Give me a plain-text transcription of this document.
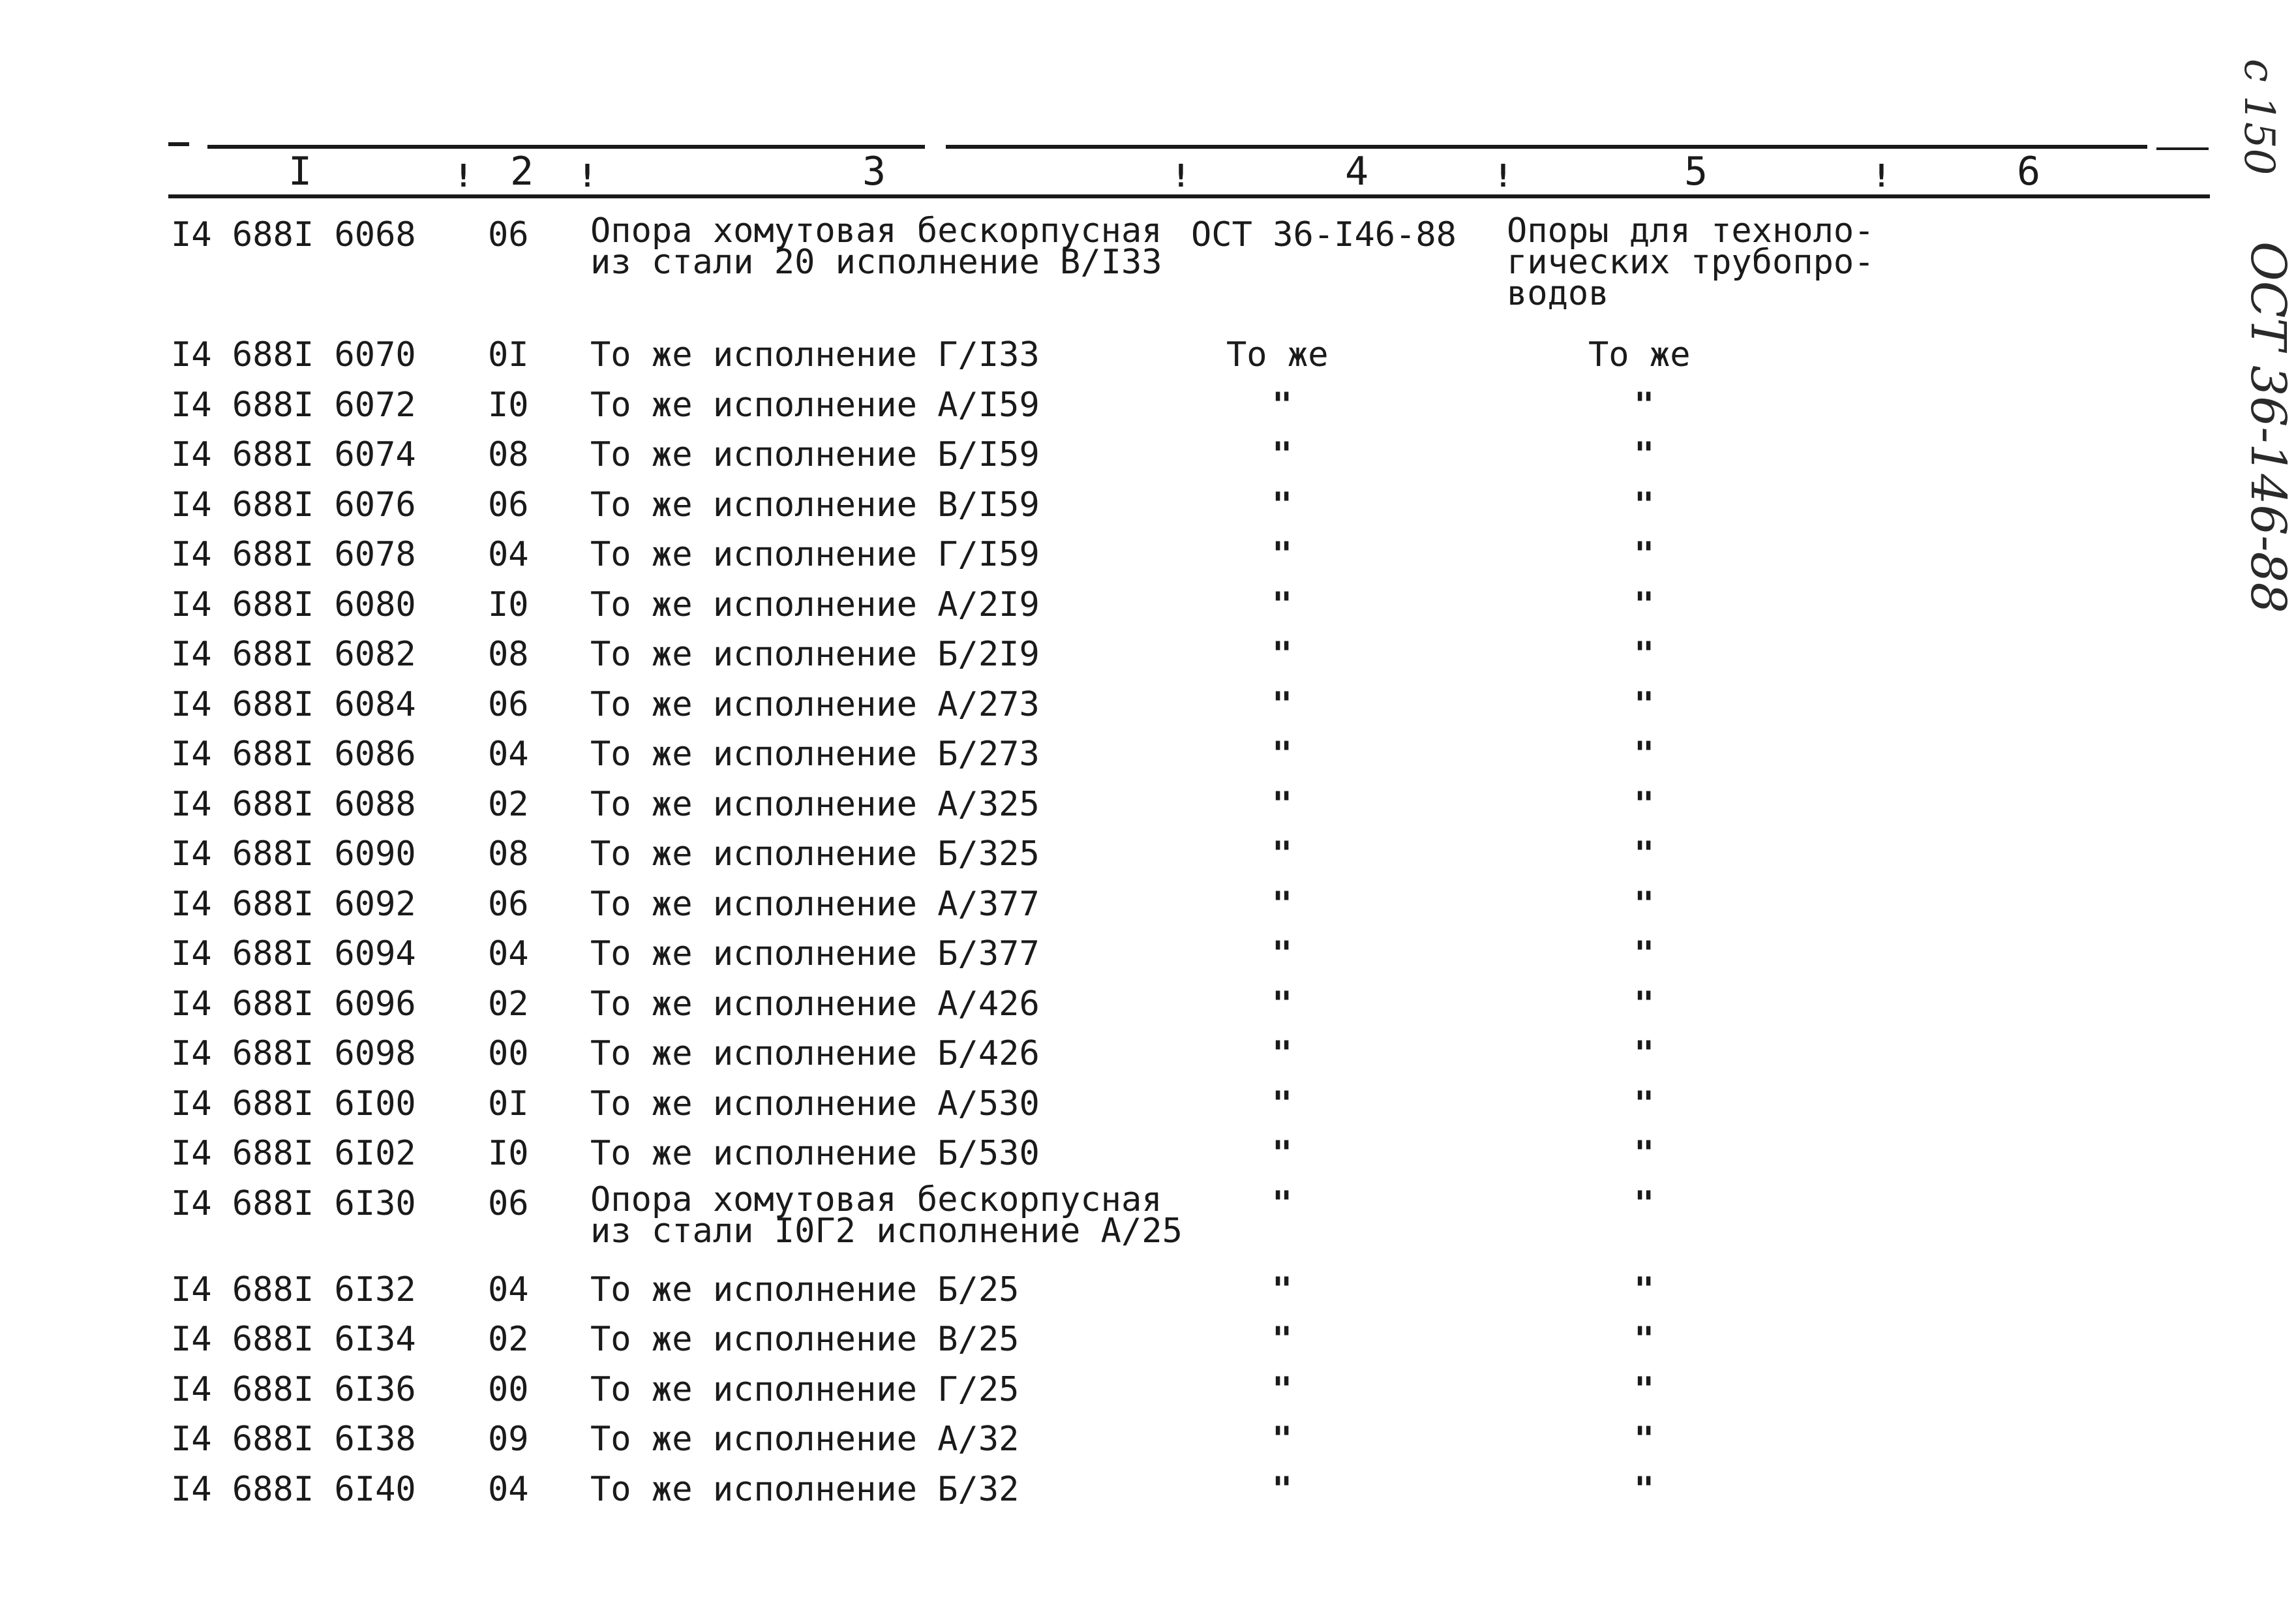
I	! 2	!	3	!	4	!	5	!	6
I4 688I 6068 06 Опора хомутовая бескорпусная
из стали 20 исполнение В/I33
ОСТ 36-I46-88 Опоры для техноло-
гических трубопро-
водов
I4 688I 6070 0I То же исполнение Г/I33	То же	То же
I4 688I 6072 I0 То же исполнение А/I59	"	"
I4 688I 6074 08 То же исполнение Б/I59	"	"
I4 688I 6076 06 То же исполнение В/I59	"	"
I4 688I 6078 04 То же исполнение Г/I59	"	"
I4 688I 6080 I0 То же исполнение А/2I9	"	"
I4 688I 6082 08 То же исполнение Б/2I9	"	"
I4 688I 6084 06 То же исполнение А/273	"	"
I4 688I 6086 04 То же исполнение Б/273	"	"
I4 688I 6088 02 То же исполнение А/325	"	"
I4 688I 6090 08 То же исполнение Б/325	"	"
I4 688I 6092 06 То же исполнение А/377	"	"
I4 688I 6094 04 То же исполнение Б/377	"	"
I4 688I 6096 02 То же исполнение А/426	"	"
I4 688I 6098 00 То же исполнение Б/426	"	"
I4 688I 6I00 0I То же исполнение А/530	"	"
I4 688I 6I02 I0 То же исполнение Б/530	"	"
I4 688I 6I30 06 Опора хомутовая бескорпусная
из стали I0Г2 исполнение А/25
"	"
I4 688I 6I32 04 То же исполнение Б/25	"	"
I4 688I 6I34 02 То же исполнение В/25	"	"
I4 688I 6I36 00 То же исполнение Г/25	"	"
I4 688I 6I38 09 То же исполнение А/32	"	"
I4 688I 6I40 04 То же исполнение Б/32	"	"
с 150
ОСТ 36-146-88
